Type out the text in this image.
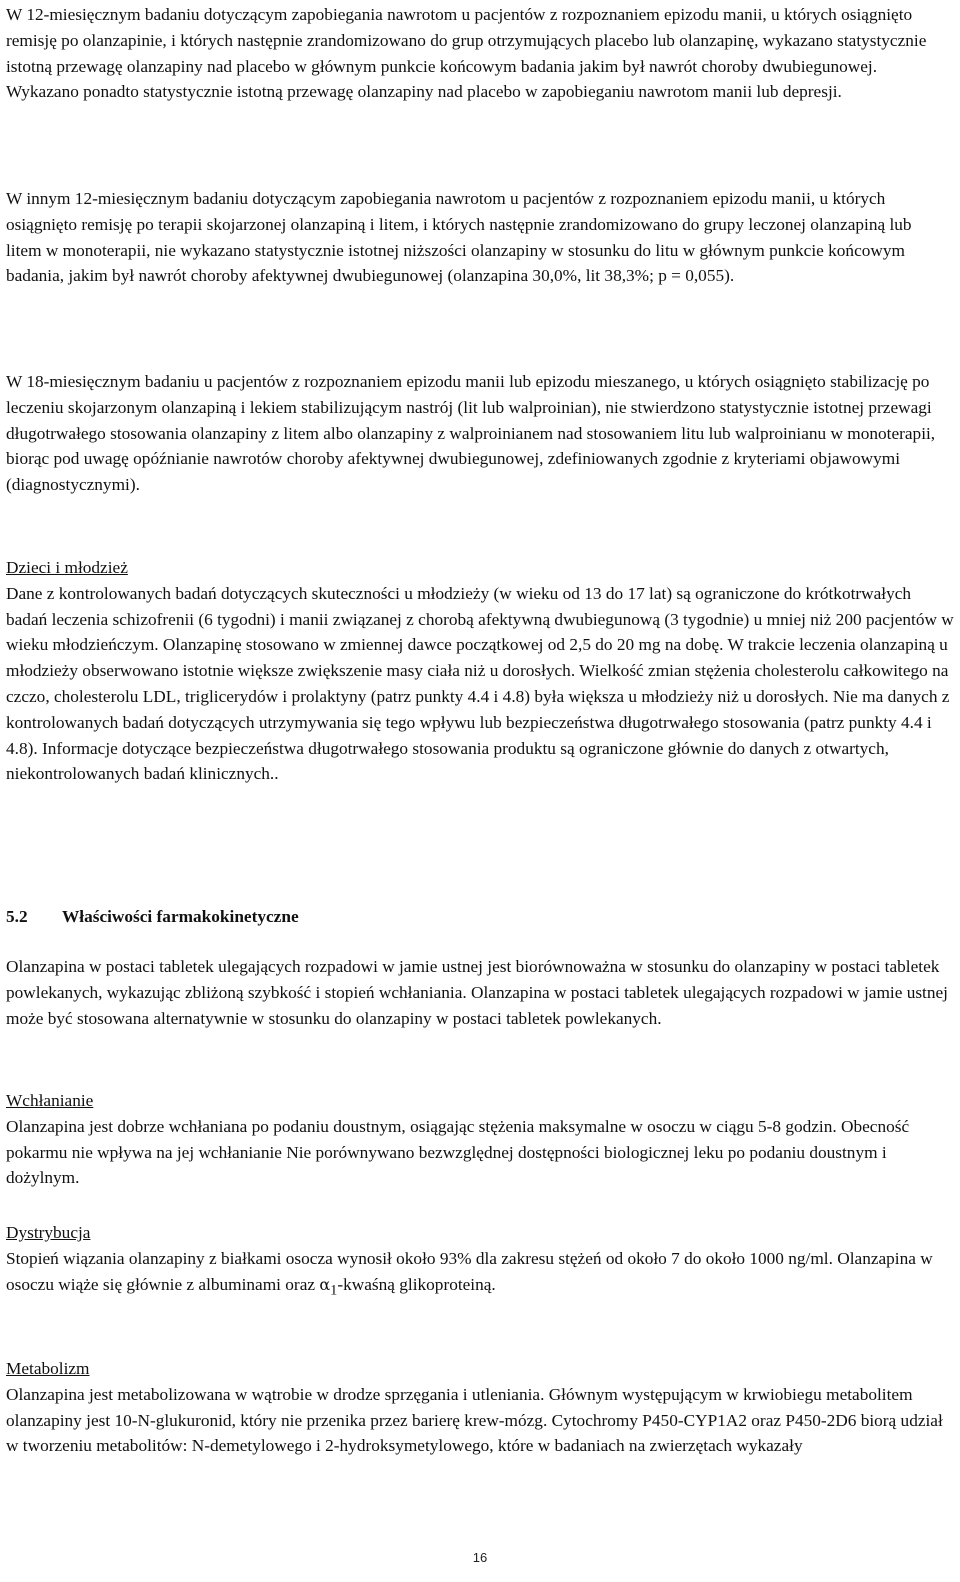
W 12-miesięcznym badaniu dotyczącym zapobiegania nawrotom u pacjentów z rozpoznaniem epizodu manii, u których osiągnięto remisję po olanzapinie, i których następnie zrandomizowano do grup otrzymujących placebo lub olanzapinę, wykazano statystycznie istotną przewagę olanzapiny nad placebo w głównym punkcie końcowym badania jakim był nawrót choroby dwubiegunowej. Wykazano ponadto statystycznie istotną przewagę olanzapiny nad placebo w zapobieganiu nawrotom manii lub depresji.

W innym 12-miesięcznym badaniu dotyczącym zapobiegania nawrotom u pacjentów z rozpoznaniem epizodu manii, u których osiągnięto remisję po terapii skojarzonej olanzapiną i litem, i których następnie zrandomizowano do grupy leczonej olanzapiną lub litem w monoterapii, nie wykazano statystycznie istotnej niższości olanzapiny w stosunku do litu w głównym punkcie końcowym badania, jakim był nawrót choroby afektywnej dwubiegunowej (olanzapina 30,0%, lit 38,3%; p = 0,055).

W 18-miesięcznym badaniu u pacjentów z rozpoznaniem epizodu manii lub epizodu mieszanego, u których osiągnięto stabilizację po leczeniu skojarzonym olanzapiną i lekiem stabilizującym nastrój (lit lub walproinian), nie stwierdzono statystycznie istotnej przewagi długotrwałego stosowania olanzapiny z litem albo olanzapiny z walproinianem nad stosowaniem litu lub walproinianu w monoterapii, biorąc pod uwagę opóźnianie nawrotów choroby afektywnej dwubiegunowej, zdefiniowanych zgodnie z kryteriami objawowymi (diagnostycznymi).

Dzieci i młodzież

Dane z kontrolowanych badań dotyczących skuteczności u młodzieży (w wieku od 13 do 17 lat) są ograniczone do krótkotrwałych badań leczenia schizofrenii (6 tygodni) i manii związanej z chorobą afektywną dwubiegunową (3 tygodnie) u mniej niż 200 pacjentów w wieku młodzieńczym. Olanzapinę stosowano w zmiennej dawce początkowej od 2,5 do 20 mg na dobę. W trakcie leczenia olanzapiną u młodzieży obserwowano istotnie większe zwiększenie masy ciała niż u dorosłych. Wielkość zmian stężenia cholesterolu całkowitego na czczo, cholesterolu LDL, triglicerydów i prolaktyny (patrz punkty 4.4 i 4.8) była większa u młodzieży niż u dorosłych. Nie ma danych z kontrolowanych badań dotyczących utrzymywania się tego wpływu lub bezpieczeństwa długotrwałego stosowania (patrz punkty 4.4 i 4.8). Informacje dotyczące bezpieczeństwa długotrwałego stosowania produktu są ograniczone głównie do danych z otwartych, niekontrolowanych badań klinicznych..

5.2 Właściwości farmakokinetyczne

Olanzapina w postaci tabletek ulegających rozpadowi w jamie ustnej jest biorównoważna w stosunku do olanzapiny w postaci tabletek powlekanych, wykazując zbliżoną szybkość i stopień wchłaniania. Olanzapina w postaci tabletek ulegających rozpadowi w jamie ustnej może być stosowana alternatywnie w stosunku do olanzapiny w postaci tabletek powlekanych.

Wchłanianie

Olanzapina jest dobrze wchłaniana po podaniu doustnym, osiągając stężenia maksymalne w osoczu w ciągu 5-8 godzin. Obecność pokarmu nie wpływa na jej wchłanianie Nie porównywano bezwzględnej dostępności biologicznej leku po podaniu doustnym i dożylnym.

Dystrybucja

Stopień wiązania olanzapiny z białkami osocza wynosił około 93% dla zakresu stężeń od około 7 do około 1000 ng/ml. Olanzapina w osoczu wiąże się głównie z albuminami oraz $\alpha_1$-kwaśną glikoproteiną.

Metabolizm

Olanzapina jest metabolizowana w wątrobie w drodze sprzęgania i utleniania. Głównym występującym w krwiobiegu metabolitem olanzapiny jest 10-N-glukuronid, który nie przenika przez barierę krew-mózg. Cytochromy P450-CYP1A2 oraz P450-2D6 biorą udział w tworzeniu metabolitów: N-demetylowego i 2-hydroksymetylowego, które w badaniach na zwierzętach wykazały

16
